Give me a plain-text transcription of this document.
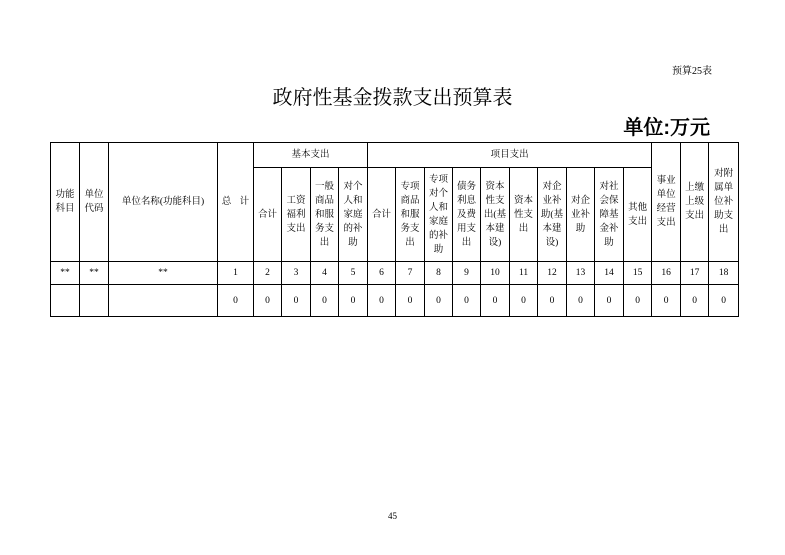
预算25表
政府性基金拨款支出预算表
单位:万元
功能科目	单位代码	单位名称(功能科目)	总 计	基本支出				项目支出										事业单位经营支出	上缴上级支出	对附属单位补助支出
				合计	工资福利支出	一般商品和服务支出	对个人和家庭的补助	合计	专项商品和服务支出	专项对个人和家庭的补助	债务利息及费用支出	资本性支出(基本建设)	资本性支出	对企业补助(基本建设)	对企业补助	对社会保障基金补助	其他支出			
**	**	**	1	2	3	4	5	6	7	8	9	10	11	12	13	14	15	16	17	18
			0	0	0	0	0	0	0	0	0	0	0	0	0	0	0	0	0	0
45
